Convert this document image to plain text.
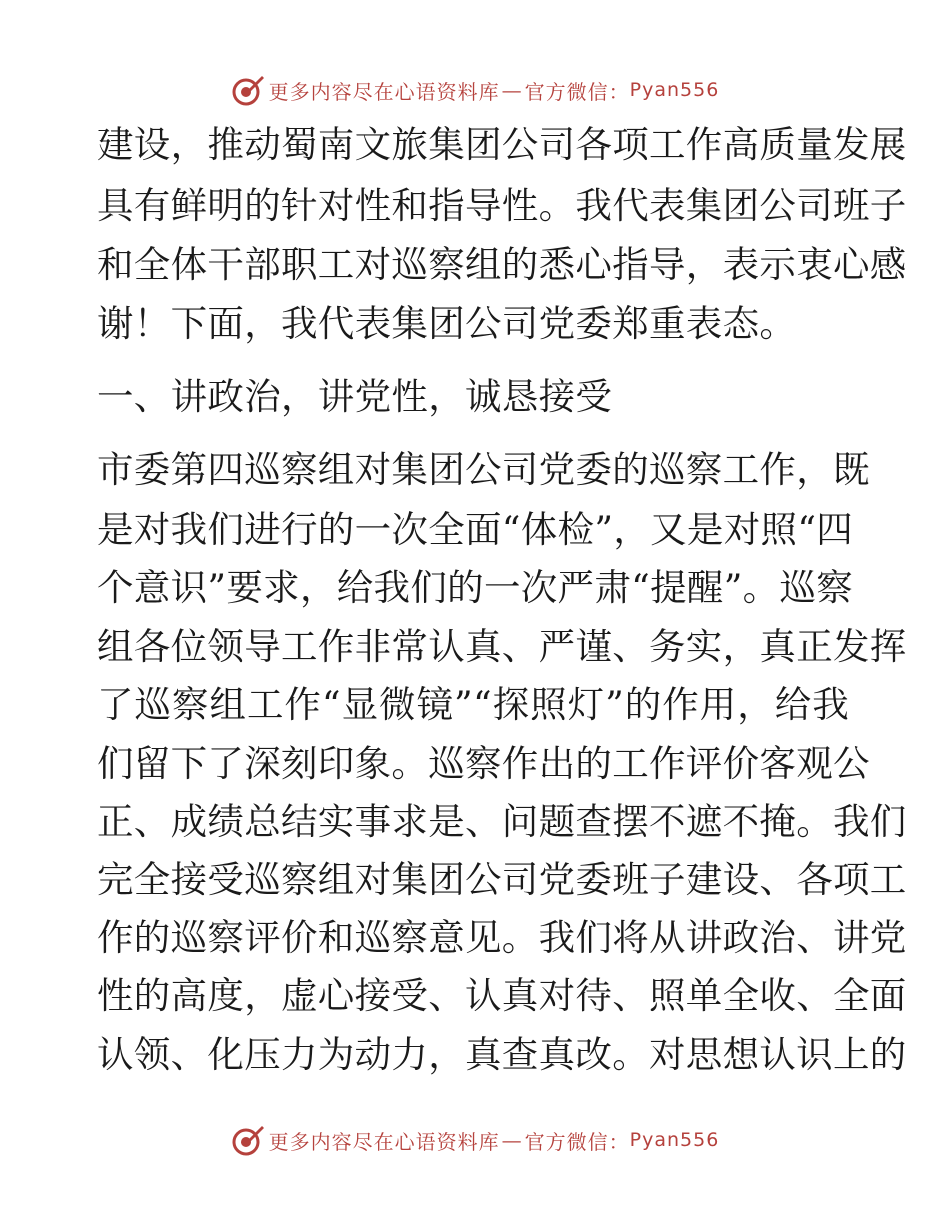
更多内容尽在心语资料库 — 官方微信： Pyan556
建设，推动蜀南文旅集团公司各项工作高质量发展
具有鲜明的针对性和指导性。我代表集团公司班子
和全体干部职工对巡察组的悉心指导，表示衷心感
谢！下面，我代表集团公司党委郑重表态。
一、讲政治，讲党性，诚恳接受
市委第四巡察组对集团公司党委的巡察工作，既
是对我们进行的一次全面“体检”，又是对照“四
个意识”要求，给我们的一次严肃“提醒”。巡察
组各位领导工作非常认真、严谨、务实，真正发挥
了巡察组工作“显微镜”“探照灯”的作用，给我
们留下了深刻印象。巡察作出的工作评价客观公
正、成绩总结实事求是、问题查摆不遮不掩。我们
完全接受巡察组对集团公司党委班子建设、各项工
作的巡察评价和巡察意见。我们将从讲政治、讲党
性的高度，虚心接受、认真对待、照单全收、全面
认领、化压力为动力，真查真改。对思想认识上的
更多内容尽在心语资料库 — 官方微信： Pyan556
